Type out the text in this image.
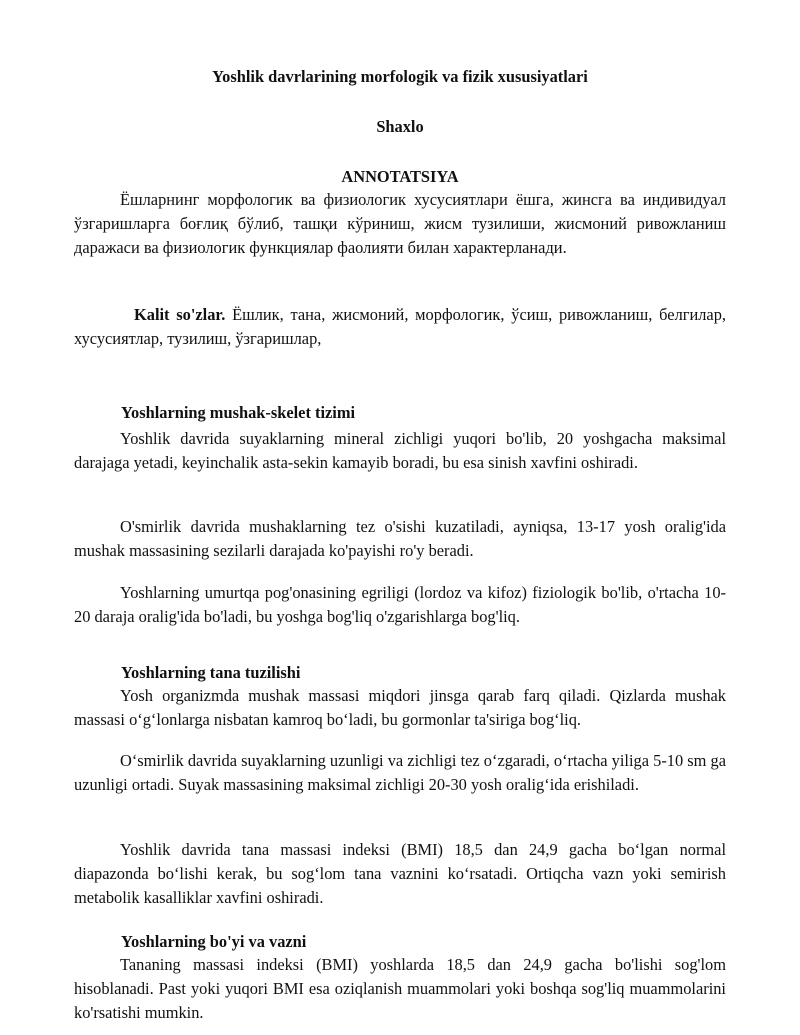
Yoshlik davrlarining morfologik va fizik xususiyatlari
Shaxlo
ANNOTATSIYA
Ёшларнинг морфологик ва физиологик хусусиятлари ёшга, жинсга ва индивидуал ўзгаришларга боғлиқ бўлиб, ташқи кўриниш, жисм тузилиши, жисмоний ривожланиш даражаси ва физиологик функциялар фаолияти билан характерланади.
Kalit so'zlar. Ёшлик, тана, жисмоний, морфологик, ўсиш, ривожланиш, белгилар, хусусиятлар, тузилиш, ўзгаришлар,
Yoshlarning mushak-skelet tizimi
Yoshlik davrida suyaklarning mineral zichligi yuqori bo'lib, 20 yoshgacha maksimal darajaga yetadi, keyinchalik asta-sekin kamayib boradi, bu esa sinish xavfini oshiradi.
O'smirlik davrida mushaklarning tez o'sishi kuzatiladi, ayniqsa, 13-17 yosh oralig'ida mushak massasining sezilarli darajada ko'payishi ro'y beradi.
Yoshlarning umurtqa pog'onasining egriligi (lordoz va kifoz) fiziologik bo'lib, o'rtacha 10-20 daraja oralig'ida bo'ladi, bu yoshga bog'liq o'zgarishlarga bog'liq.
Yoshlarning tana tuzilishi
Yosh organizmda mushak massasi miqdori jinsga qarab farq qiladi. Qizlarda mushak massasi o‘g‘lonlarga nisbatan kamroq bo‘ladi, bu gormonlar ta'siriga bog‘liq.
O‘smirlik davrida suyaklarning uzunligi va zichligi tez o‘zgaradi, o‘rtacha yiliga 5-10 sm ga uzunligi ortadi. Suyak massasining maksimal zichligi 20-30 yosh oralig‘ida erishiladi.
Yoshlik davrida tana massasi indeksi (BMI) 18,5 dan 24,9 gacha bo‘lgan normal diapazonda bo‘lishi kerak, bu sog‘lom tana vaznini ko‘rsatadi. Ortiqcha vazn yoki semirish metabolik kasalliklar xavfini oshiradi.
Yoshlarning bo'yi va vazni
Tananing massasi indeksi (BMI) yoshlarda 18,5 dan 24,9 gacha bo'lishi sog'lom hisoblanadi. Past yoki yuqori BMI esa oziqlanish muammolari yoki boshqa sog'liq muammolarini ko'rsatishi mumkin.
